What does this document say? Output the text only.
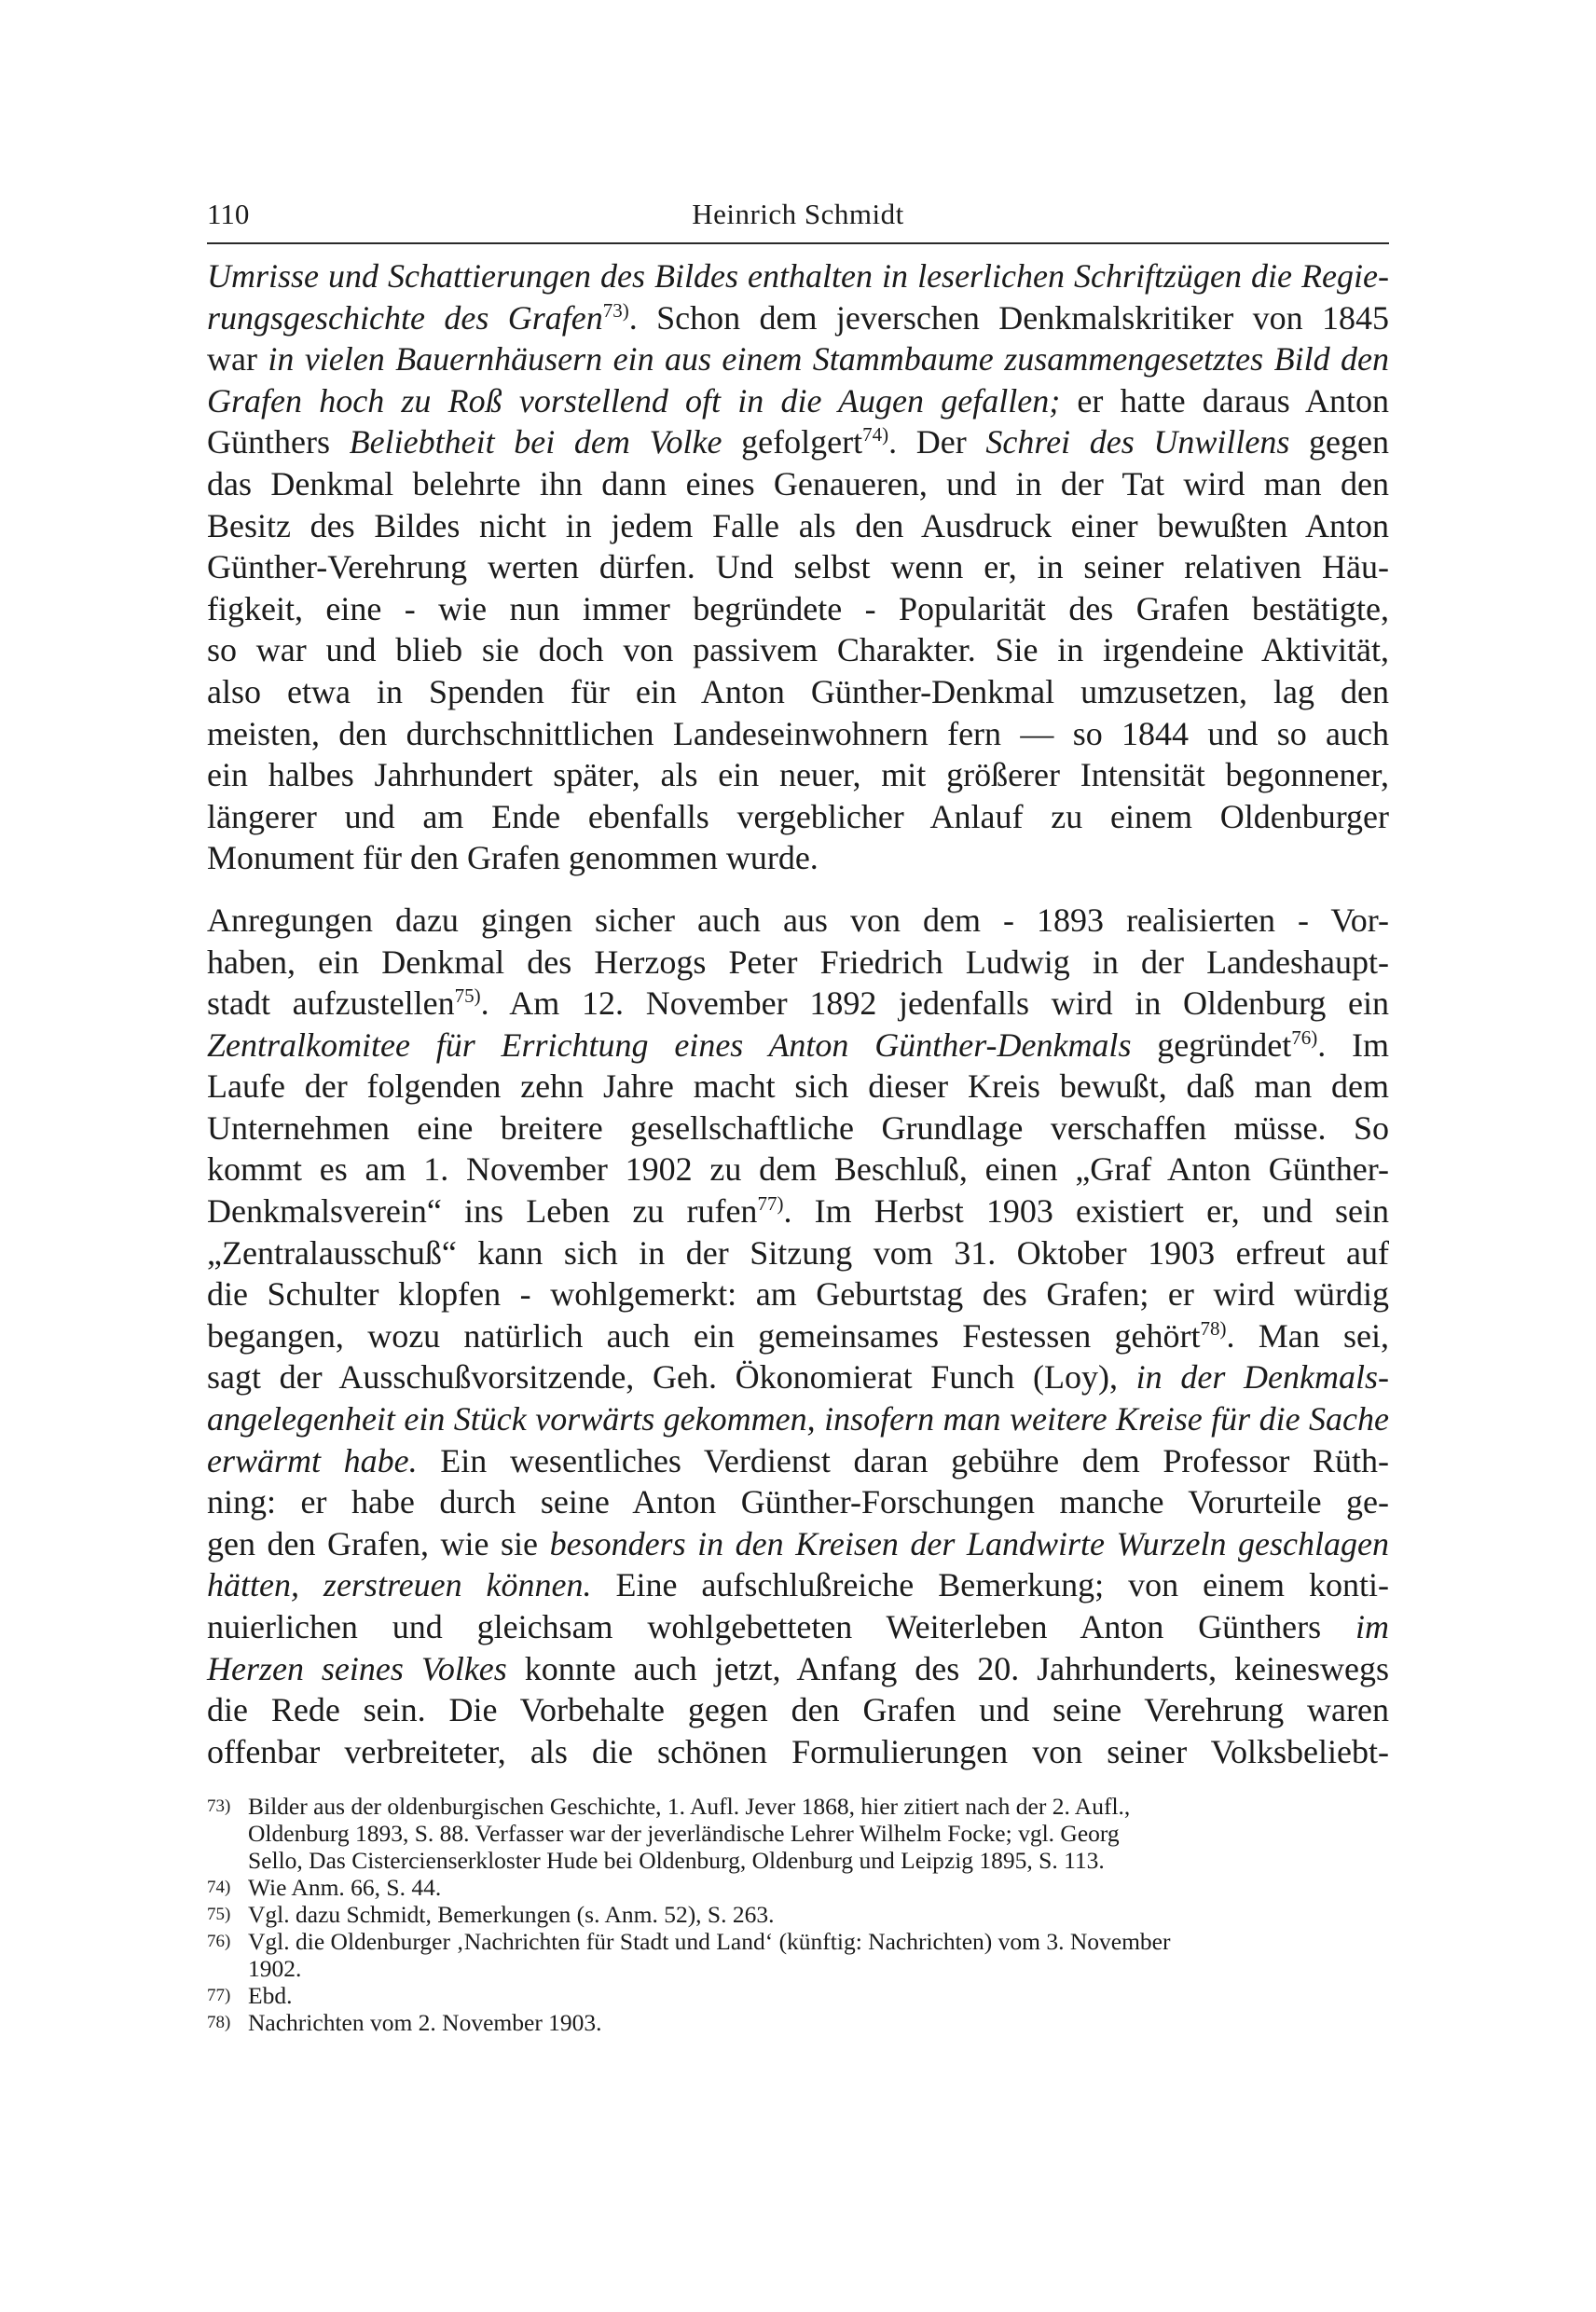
110	Heinrich Schmidt

Umrisse und Schattierungen des Bildes enthalten in leserlichen Schriftzügen die Regie-
rungsgeschichte des Grafen$^{73)}$. Schon dem jeverschen Denkmalskritiker von 1845
war in vielen Bauernhäusern ein aus einem Stammbaume zusammengesetztes Bild den
Grafen hoch zu Roß vorstellend oft in die Augen gefallen; er hatte daraus Anton
Günthers Beliebtheit bei dem Volke gefolgert$^{74)}$. Der Schrei des Unwillens gegen
das Denkmal belehrte ihn dann eines Genaueren, und in der Tat wird man den
Besitz des Bildes nicht in jedem Falle als den Ausdruck einer bewußten Anton
Günther-Verehrung werten dürfen. Und selbst wenn er, in seiner relativen Häu-
figkeit, eine - wie nun immer begründete - Popularität des Grafen bestätigte,
so war und blieb sie doch von passivem Charakter. Sie in irgendeine Aktivität,
also etwa in Spenden für ein Anton Günther-Denkmal umzusetzen, lag den
meisten, den durchschnittlichen Landeseinwohnern fern — so 1844 und so auch
ein halbes Jahrhundert später, als ein neuer, mit größerer Intensität begonnener,
längerer und am Ende ebenfalls vergeblicher Anlauf zu einem Oldenburger
Monument für den Grafen genommen wurde.

Anregungen dazu gingen sicher auch aus von dem - 1893 realisierten - Vor-
haben, ein Denkmal des Herzogs Peter Friedrich Ludwig in der Landeshaupt-
stadt aufzustellen$^{75)}$. Am 12. November 1892 jedenfalls wird in Oldenburg ein
Zentralkomitee für Errichtung eines Anton Günther-Denkmals gegründet$^{76)}$. Im
Laufe der folgenden zehn Jahre macht sich dieser Kreis bewußt, daß man dem
Unternehmen eine breitere gesellschaftliche Grundlage verschaffen müsse. So
kommt es am 1. November 1902 zu dem Beschluß, einen „Graf Anton Günther-
Denkmalsverein“ ins Leben zu rufen$^{77)}$. Im Herbst 1903 existiert er, und sein
„Zentralausschuß“ kann sich in der Sitzung vom 31. Oktober 1903 erfreut auf
die Schulter klopfen - wohlgemerkt: am Geburtstag des Grafen; er wird würdig
begangen, wozu natürlich auch ein gemeinsames Festessen gehört$^{78)}$. Man sei,
sagt der Ausschußvorsitzende, Geh. Ökonomierat Funch (Loy), in der Denkmals-
angelegenheit ein Stück vorwärts gekommen, insofern man weitere Kreise für die Sache
erwärmt habe. Ein wesentliches Verdienst daran gebühre dem Professor Rüth-
ning: er habe durch seine Anton Günther-Forschungen manche Vorurteile ge-
gen den Grafen, wie sie besonders in den Kreisen der Landwirte Wurzeln geschlagen
hätten, zerstreuen können. Eine aufschlußreiche Bemerkung; von einem konti-
nuierlichen und gleichsam wohlgebetteten Weiterleben Anton Günthers im
Herzen seines Volkes konnte auch jetzt, Anfang des 20. Jahrhunderts, keineswegs
die Rede sein. Die Vorbehalte gegen den Grafen und seine Verehrung waren
offenbar verbreiteter, als die schönen Formulierungen von seiner Volksbeliebt-

73) Bilder aus der oldenburgischen Geschichte, 1. Aufl. Jever 1868, hier zitiert nach der 2. Aufl.,
Oldenburg 1893, S. 88. Verfasser war der jeverländische Lehrer Wilhelm Focke; vgl. Georg
Sello, Das Cistercienserkloster Hude bei Oldenburg, Oldenburg und Leipzig 1895, S. 113.
74) Wie Anm. 66, S. 44.
75) Vgl. dazu Schmidt, Bemerkungen (s. Anm. 52), S. 263.
76) Vgl. die Oldenburger ‚Nachrichten für Stadt und Land‘ (künftig: Nachrichten) vom 3. November
1902.
77) Ebd.
78) Nachrichten vom 2. November 1903.
